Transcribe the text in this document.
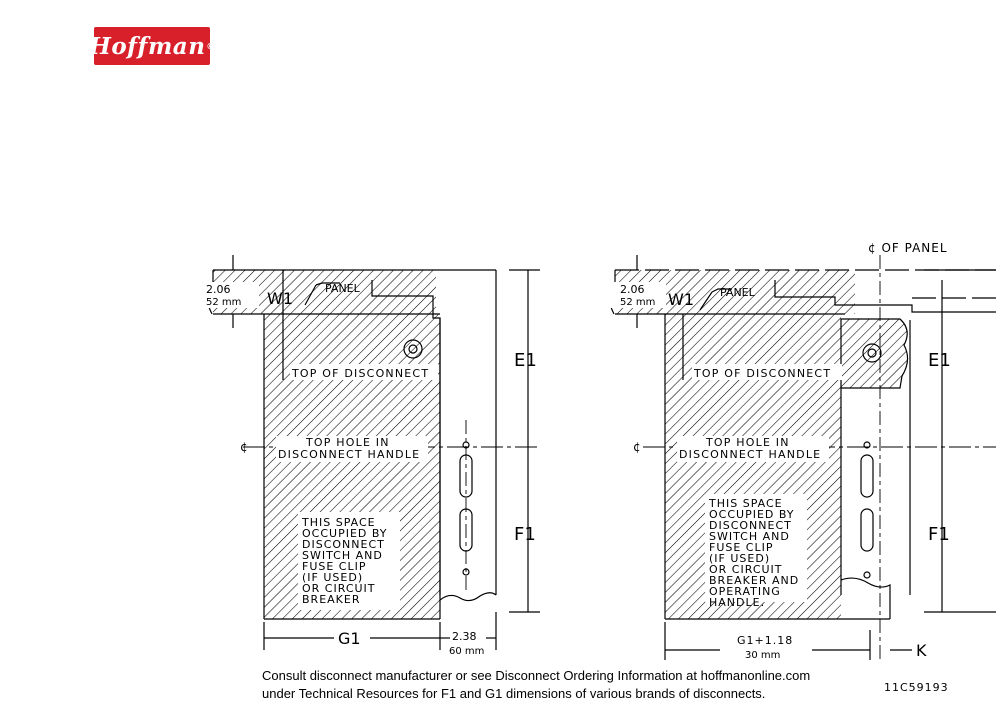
Hoffman ®
2.06
52 mm W1
PANEL
TOP OF DISCONNECT
¢	TOP HOLE IN
DISCONNECT HANDLE
THIS SPACE
OCCUPIED BY
DISCONNECT
SWITCH AND
FUSE CLIP
(IF USED)
OR CIRCUIT
BREAKER
E1
F1
G1	2.38
60 mm
¢ OF PANEL
2.06
52 mm W1 PANEL
TOP OF DISCONNECT
¢	TOP HOLE IN
DISCONNECT HANDLE
THIS SPACE
OCCUPIED BY
DISCONNECT
SWITCH AND
FUSE CLIP
(IF USED)
OR CIRCUIT
BREAKER AND
OPERATING
HANDLE.
E1
F1
G1+1.18
30 mm	K
Consult disconnect manufacturer or see Disconnect Ordering Information at hoffmanonline.com
under Technical Resources for F1 and G1 dimensions of various brands of disconnects.	11C59193
